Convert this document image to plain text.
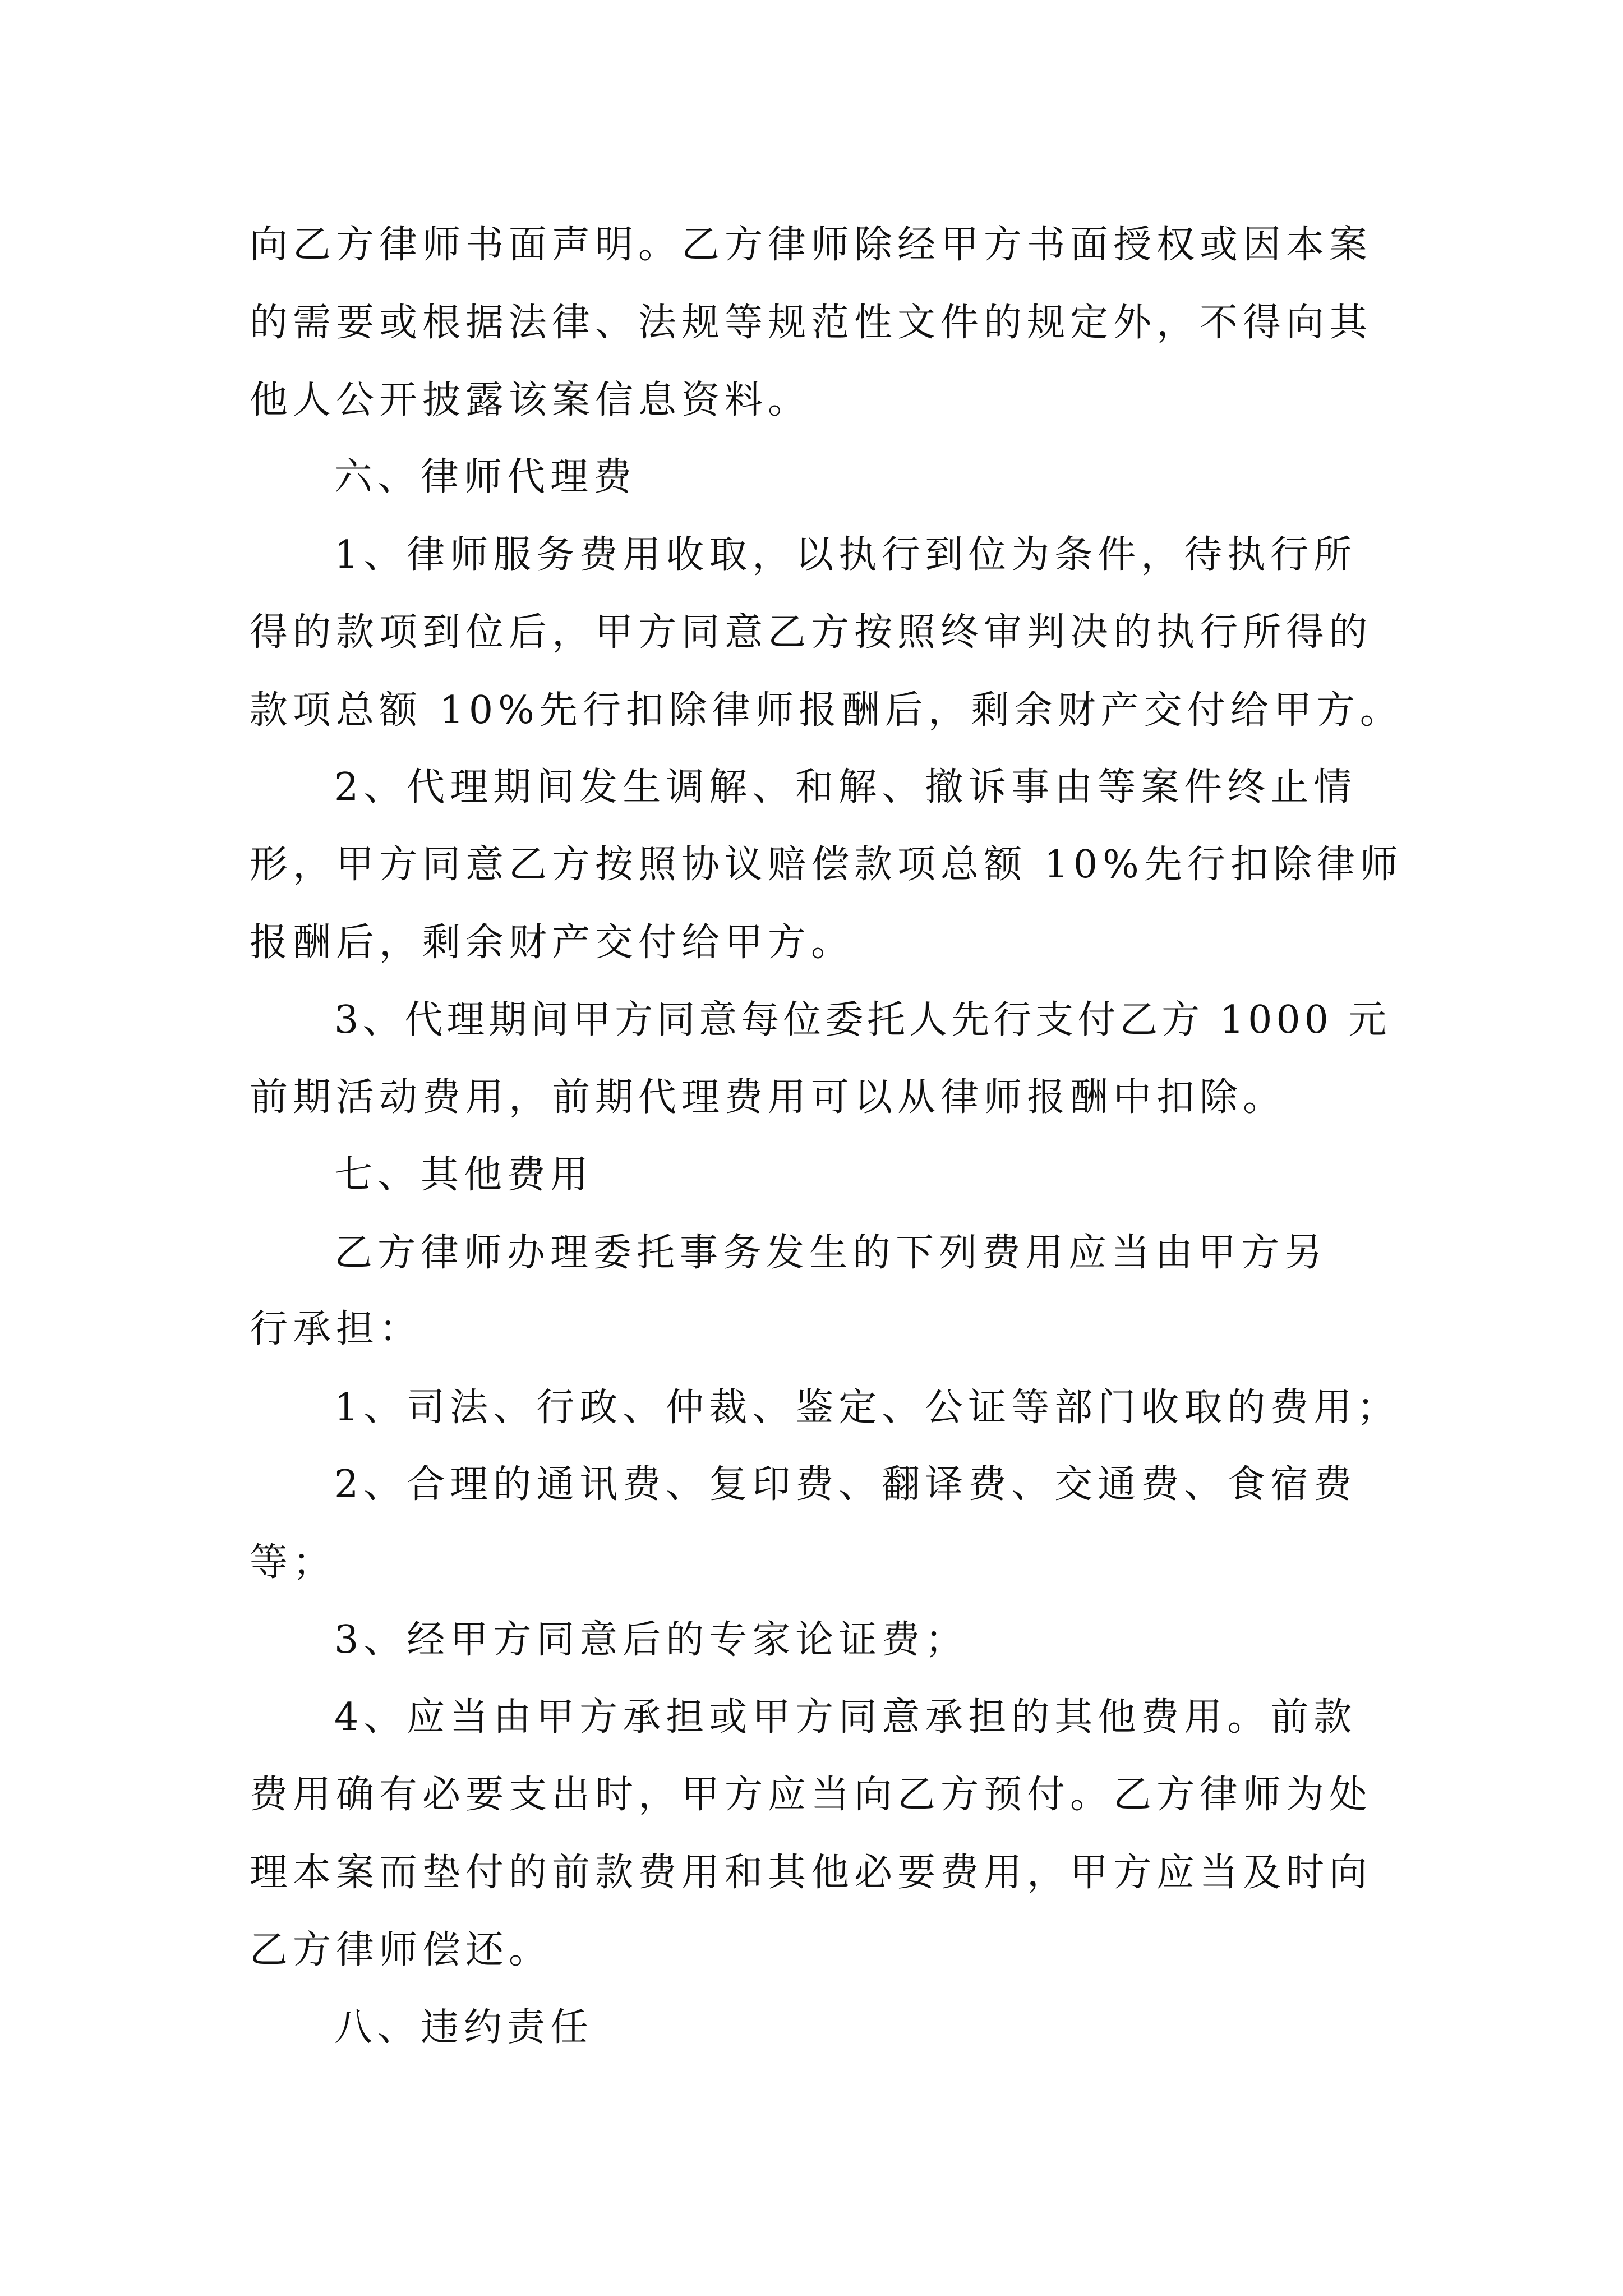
向乙方律师书面声明。乙方律师除经甲方书面授权或因本案
的需要或根据法律、法规等规范性文件的规定外，不得向其
他人公开披露该案信息资料。
六、律师代理费
1、律师服务费用收取，以执行到位为条件，待执行所
得的款项到位后，甲方同意乙方按照终审判决的执行所得的
款项总额 10%先行扣除律师报酬后，剩余财产交付给甲方。
2、代理期间发生调解、和解、撤诉事由等案件终止情
形，甲方同意乙方按照协议赔偿款项总额 10%先行扣除律师
报酬后，剩余财产交付给甲方。
3、代理期间甲方同意每位委托人先行支付乙方 1000 元
前期活动费用，前期代理费用可以从律师报酬中扣除。
七、其他费用
乙方律师办理委托事务发生的下列费用应当由甲方另
行承担：
1、司法、行政、仲裁、鉴定、公证等部门收取的费用；
2、合理的通讯费、复印费、翻译费、交通费、食宿费
等；
3、经甲方同意后的专家论证费；
4、应当由甲方承担或甲方同意承担的其他费用。前款
费用确有必要支出时，甲方应当向乙方预付。乙方律师为处
理本案而垫付的前款费用和其他必要费用，甲方应当及时向
乙方律师偿还。
八、违约责任
